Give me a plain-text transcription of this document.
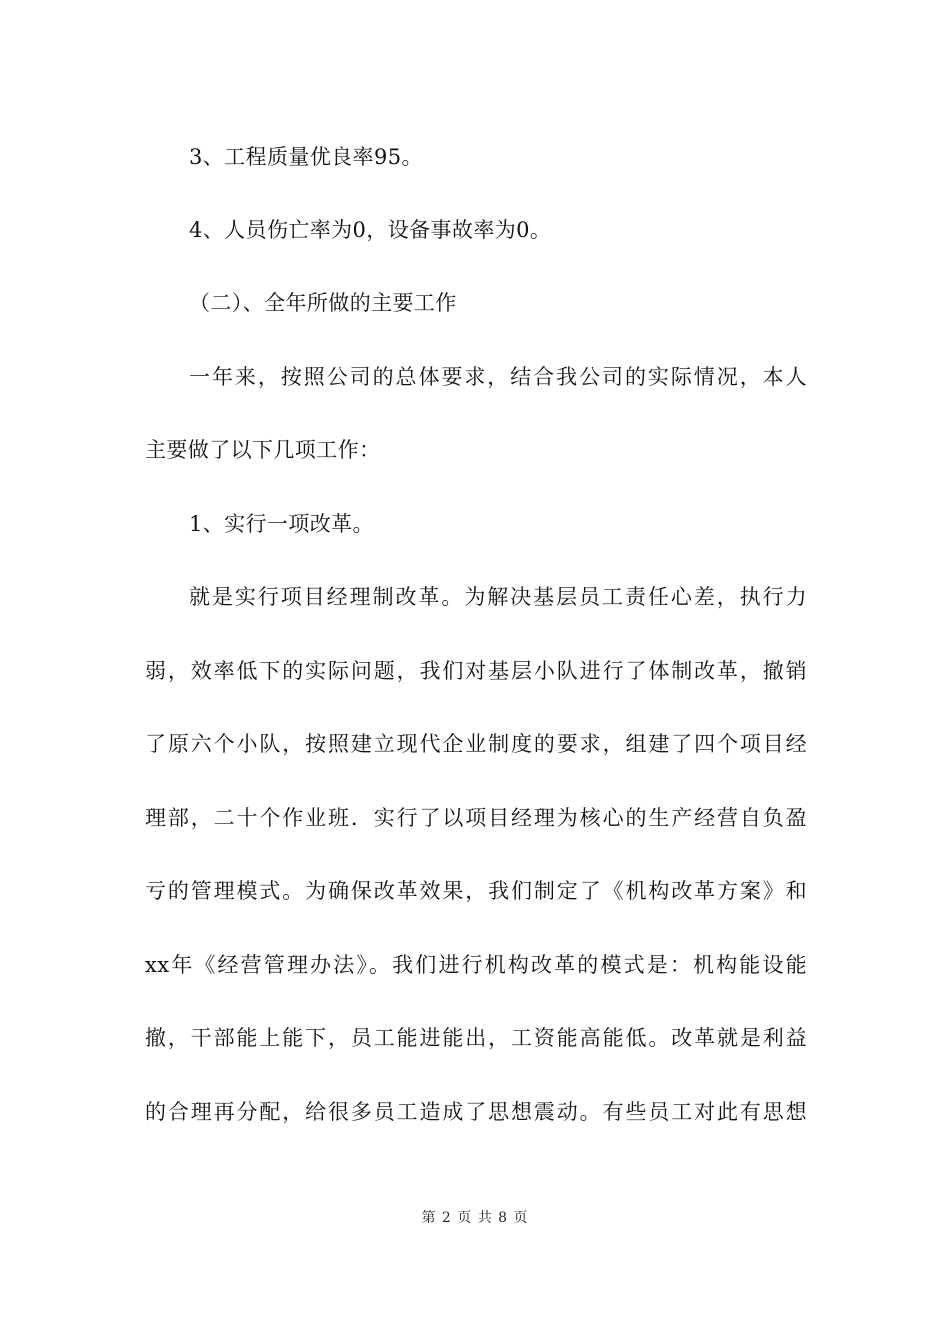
3、工程质量优良率95。
4、人员伤亡率为0，设备事故率为0。
（二）、全年所做的主要工作
一年来，按照公司的总体要求，结合我公司的实际情况，本人
主要做了以下几项工作：
1、实行一项改革。
就是实行项目经理制改革。为解决基层员工责任心差，执行力
弱，效率低下的实际问题，我们对基层小队进行了体制改革，撤销
了原六个小队，按照建立现代企业制度的要求，组建了四个项目经
理部，二十个作业班．实行了以项目经理为核心的生产经营自负盈
亏的管理模式。为确保改革效果，我们制定了《机构改革方案》和
xx年《经营管理办法》。我们进行机构改革的模式是：机构能设能
撤，干部能上能下，员工能进能出，工资能高能低。改革就是利益
的合理再分配，给很多员工造成了思想震动。有些员工对此有思想
第 2 页 共 8 页
